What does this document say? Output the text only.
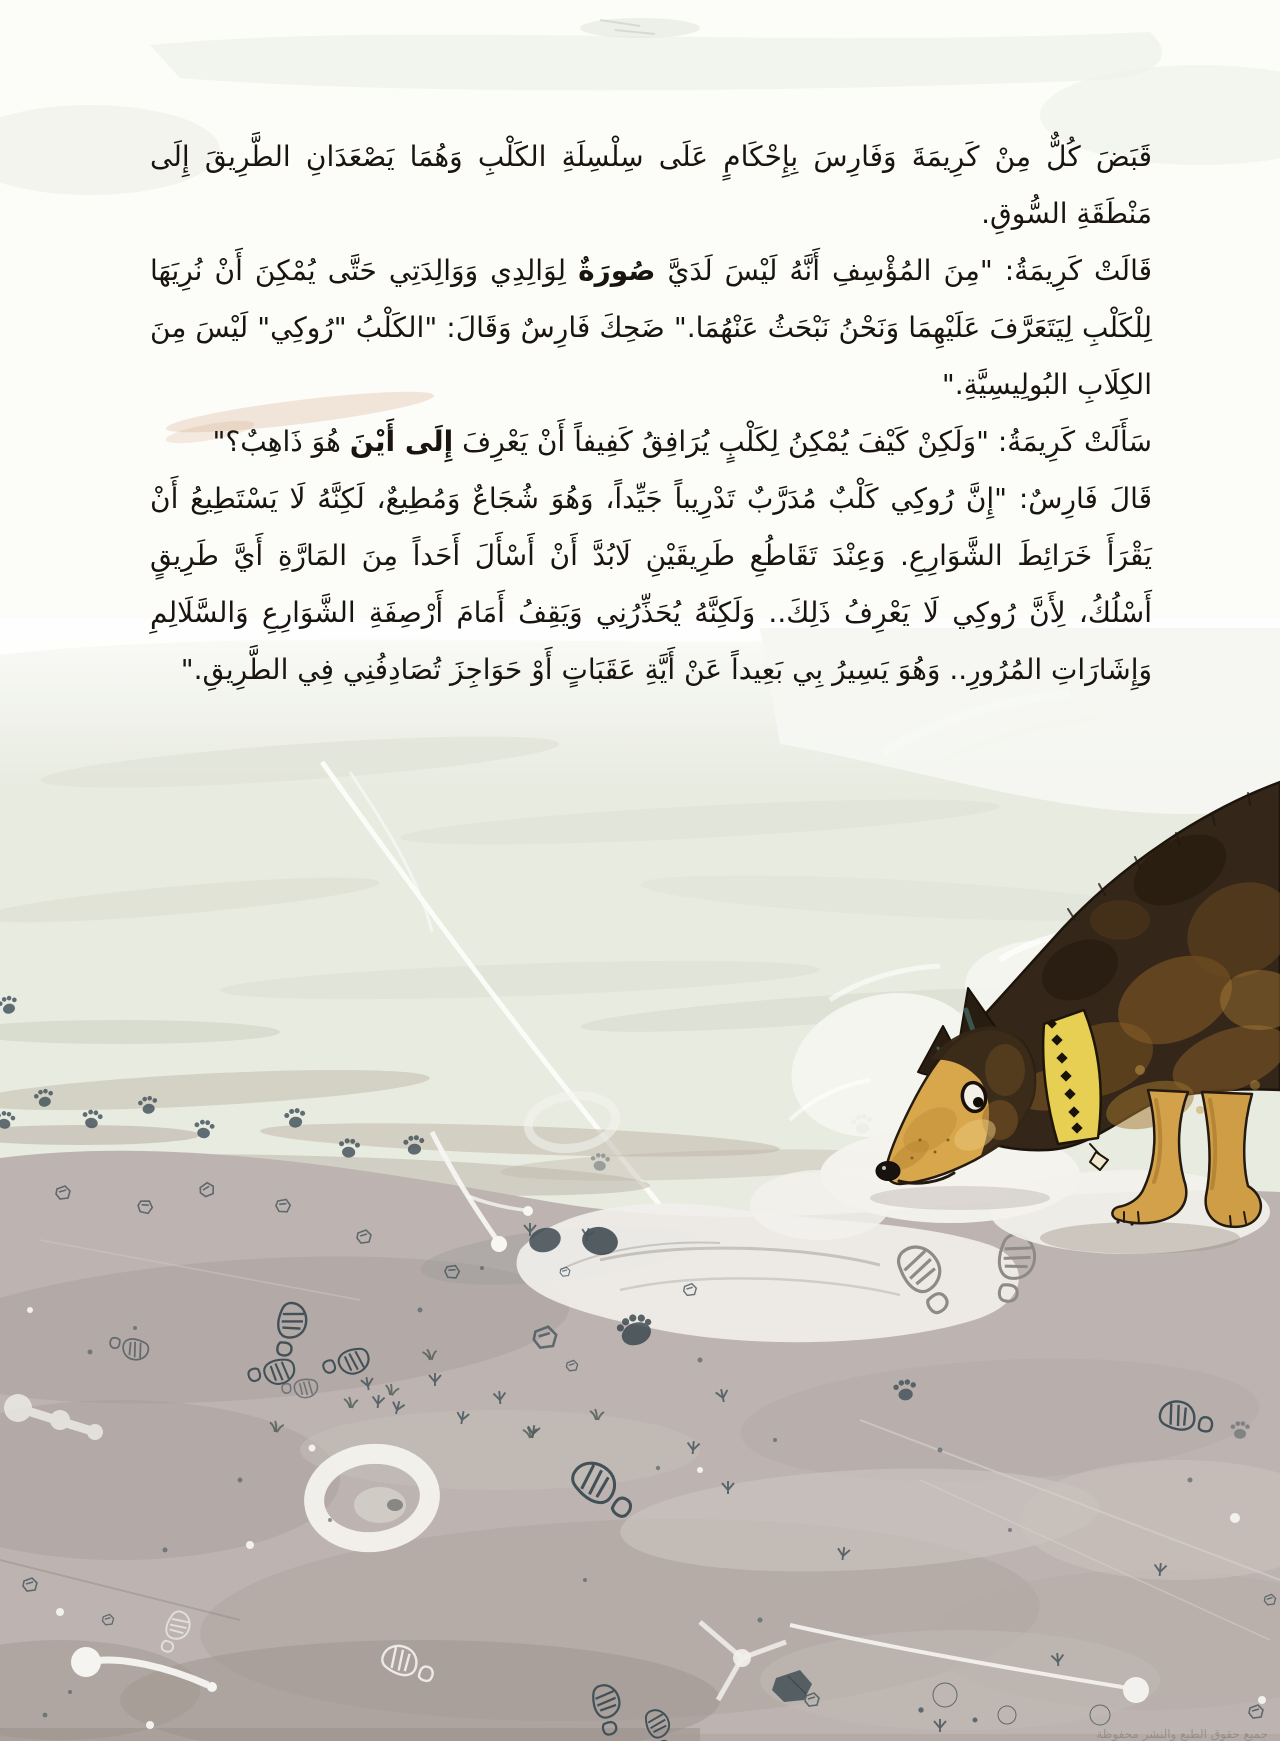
قَبَضَ كُلٌّ مِنْ كَرِيمَةَ وَفَارِسَ بِإِحْكَامٍ عَلَى سِلْسِلَةِ الكَلْبِ وَهُمَا يَصْعَدَانِ الطَّرِيقَ إِلَى مَنْطَقَةِ السُّوقِ.

قَالَتْ كَرِيمَةُ: "مِنَ المُؤْسِفِ أَنَّهُ لَيْسَ لَدَيَّ صُورَةٌ لِوَالِدِي وَوَالِدَتِي حَتَّى يُمْكِنَ أَنْ نُرِيَهَا لِلْكَلْبِ لِيَتَعَرَّفَ عَلَيْهِمَا وَنَحْنُ نَبْحَثُ عَنْهُمَا." ضَحِكَ فَارِسٌ وَقَالَ: "الكَلْبُ "رُوكِي" لَيْسَ مِنَ الكِلَابِ البُولِيسِيَّةِ."

سَأَلَتْ كَرِيمَةُ: "وَلَكِنْ كَيْفَ يُمْكِنُ لِكَلْبٍ يُرَافِقُ كَفِيفاً أَنْ يَعْرِفَ إِلَى أَيْنَ هُوَ ذَاهِبٌ؟"

قَالَ فَارِسٌ: "إِنَّ رُوكِي كَلْبٌ مُدَرَّبٌ تَدْرِيباً جَيِّداً، وَهُوَ شُجَاعٌ وَمُطِيعٌ، لَكِنَّهُ لَا يَسْتَطِيعُ أَنْ يَقْرَأَ خَرَائِطَ الشَّوَارِعِ. وَعِنْدَ تَقَاطُعِ طَرِيقَيْنِ لَابُدَّ أَنْ أَسْأَلَ أَحَداً مِنَ المَارَّةِ أَيَّ طَرِيقٍ أَسْلُكُ، لِأَنَّ رُوكِي لَا يَعْرِفُ ذَلِكَ.. وَلَكِنَّهُ يُحَذِّرُنِي وَيَقِفُ أَمَامَ أَرْصِفَةِ الشَّوَارِعِ وَالسَّلَالِمِ وَإِشَارَاتِ المُرُورِ.. وَهُوَ يَسِيرُ بِي بَعِيداً عَنْ أَيَّةِ عَقَبَاتٍ أَوْ حَوَاجِزَ تُصَادِفُنِي فِي الطَّرِيقِ."

جميع حقوق الطبع والنشر محفوظة
